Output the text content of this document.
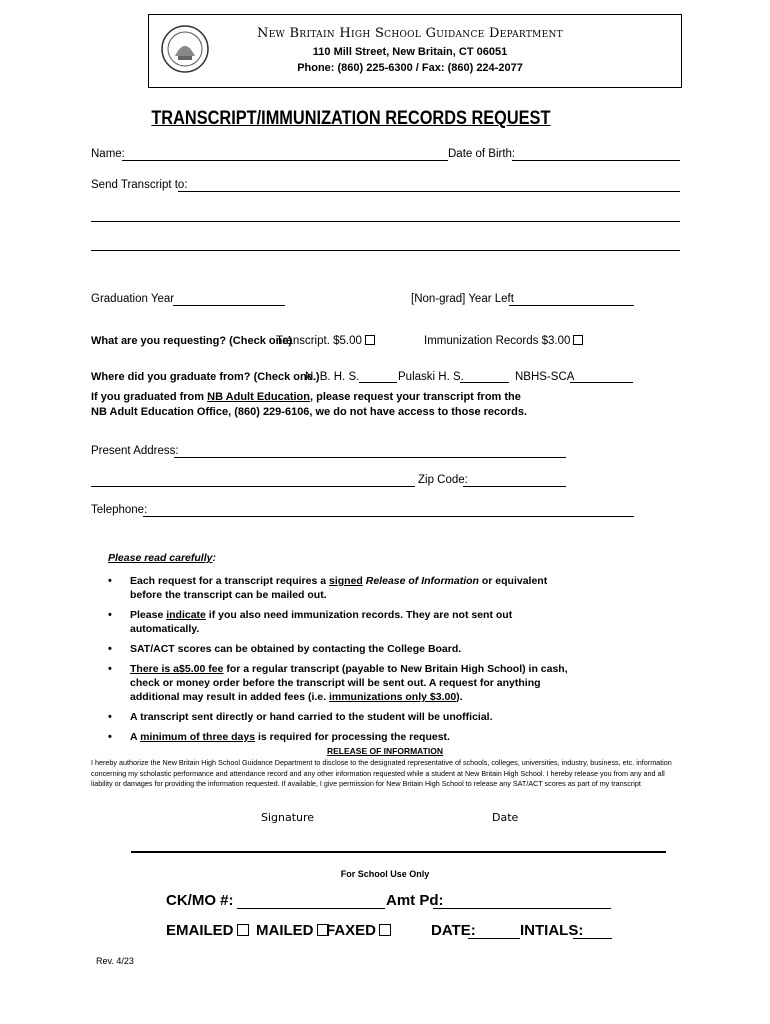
New Britain High School Guidance Department
110 Mill Street, New Britain, CT 06051
Phone: (860) 225-6300 / Fax: (860) 224-2077
TRANSCRIPT/IMMUNIZATION RECORDS REQUEST
Name:	Date of Birth:
Send Transcript to:
Graduation Year	[Non-grad] Year Left
What are you requesting? (Check one)
Transcript. $5.00	Immunization Records $3.00
Where did you graduate from? (Check one.)
N. B. H. S.	Pulaski H. S.	NBHS-SCA
If you graduated from NB Adult Education, please request your transcript from the
NB Adult Education Office, (860) 229-6106, we do not have access to those records.
Present Address:
Zip Code:
Telephone:
Please read carefully:
• Each request for a transcript requires a signed Release of Information or equivalent before the transcript can be mailed out.
• Please indicate if you also need immunization records. They are not sent out automatically.
• SAT/ACT scores can be obtained by contacting the College Board.
• There is a$5.00 fee for a regular transcript (payable to New Britain High School) in cash, check or money order before the transcript will be sent out. A request for anything additional may result in added fees (i.e. immunizations only $3.00).
• A transcript sent directly or hand carried to the student will be unofficial.
• A minimum of three days is required for processing the request.
RELEASE OF INFORMATION
I hereby authorize the New Britain High School Guidance Department to disclose to the designated representative of schools, colleges, universities, industry, business, etc. information concerning my scholastic performance and attendance record and any other information requested while a student at New Britain High School. I hereby release you from any and all liability or damages for providing the information requested. If available, I give permission for New Britain High School to release any SAT/ACT scores as part of my transcript
Signature	Date
For School Use Only
CK/MO #:	Amt Pd:
EMAILED	MAILED FAXED	DATE:	INTIALS:
Rev. 4/23
